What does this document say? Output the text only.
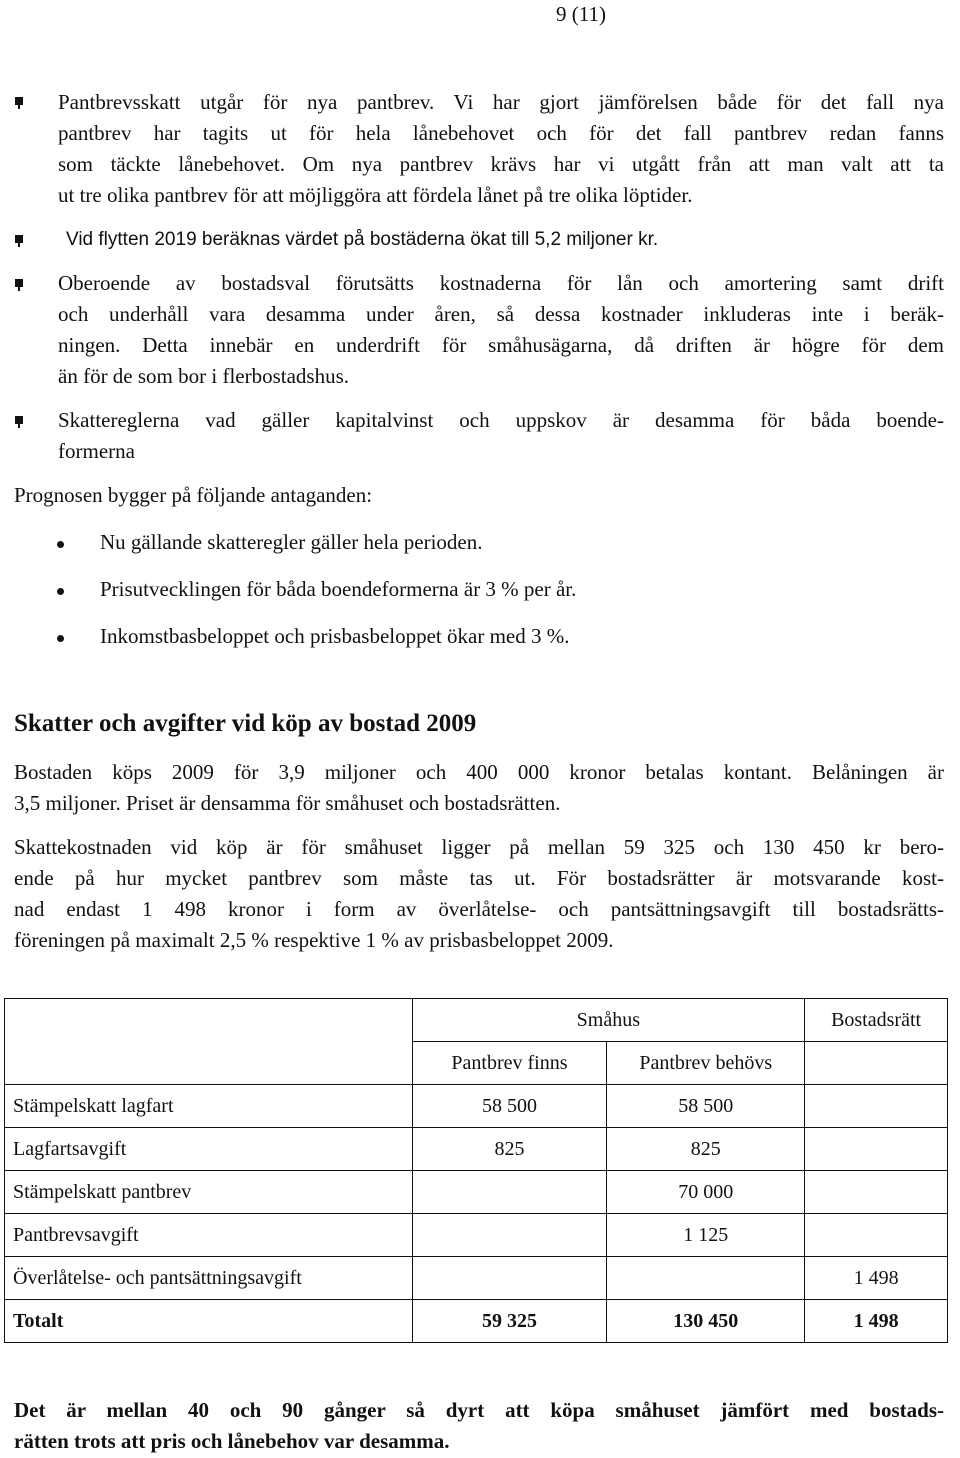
9 (11)
Pantbrevsskatt utgår för nya pantbrev. Vi har gjort jämförelsen både för det fall nya
pantbrev har tagits ut för hela lånebehovet och för det fall pantbrev redan fanns
som täckte lånebehovet. Om nya pantbrev krävs har vi utgått från att man valt att ta
ut tre olika pantbrev för att möjliggöra att fördela lånet på tre olika löptider.
Vid flytten 2019 beräknas värdet på bostäderna ökat till 5,2 miljoner kr.
Oberoende av bostadsval förutsätts kostnaderna för lån och amortering samt drift
och underhåll vara desamma under åren, så dessa kostnader inkluderas inte i beräk-
ningen. Detta innebär en underdrift för småhusägarna, då driften är högre för dem
än för de som bor i flerbostadshus.
Skattereglerna vad gäller kapitalvinst och uppskov är desamma för båda boende-
formerna
Prognosen bygger på följande antaganden:
Nu gällande skatteregler gäller hela perioden.
Prisutvecklingen för båda boendeformerna är 3 % per år.
Inkomstbasbeloppet och prisbasbeloppet ökar med 3 %.
Skatter och avgifter vid köp av bostad 2009
Bostaden köps 2009 för 3,9 miljoner och 400 000 kronor betalas kontant. Belåningen är
3,5 miljoner. Priset är densamma för småhuset och bostadsrätten.
Skattekostnaden vid köp är för småhuset ligger på mellan 59 325 och 130 450 kr bero-
ende på hur mycket pantbrev som måste tas ut. För bostadsrätter är motsvarande kost-
nad endast 1 498 kronor i form av överlåtelse- och pantsättningsavgift till bostadsrätts-
föreningen på maximalt 2,5 % respektive 1 % av prisbasbeloppet 2009.
	Småhus		Bostadsrätt
	Pantbrev finns	Pantbrev behövs	
Stämpelskatt lagfart	58 500	58 500	
Lagfartsavgift	825	825	
Stämpelskatt pantbrev		70 000	
Pantbrevsavgift		1 125	
Överlåtelse- och pantsättningsavgift			1 498
Totalt	59 325	130 450	1 498
Det är mellan 40 och 90 gånger så dyrt att köpa småhuset jämfört med bostads-
rätten trots att pris och lånebehov var desamma.
